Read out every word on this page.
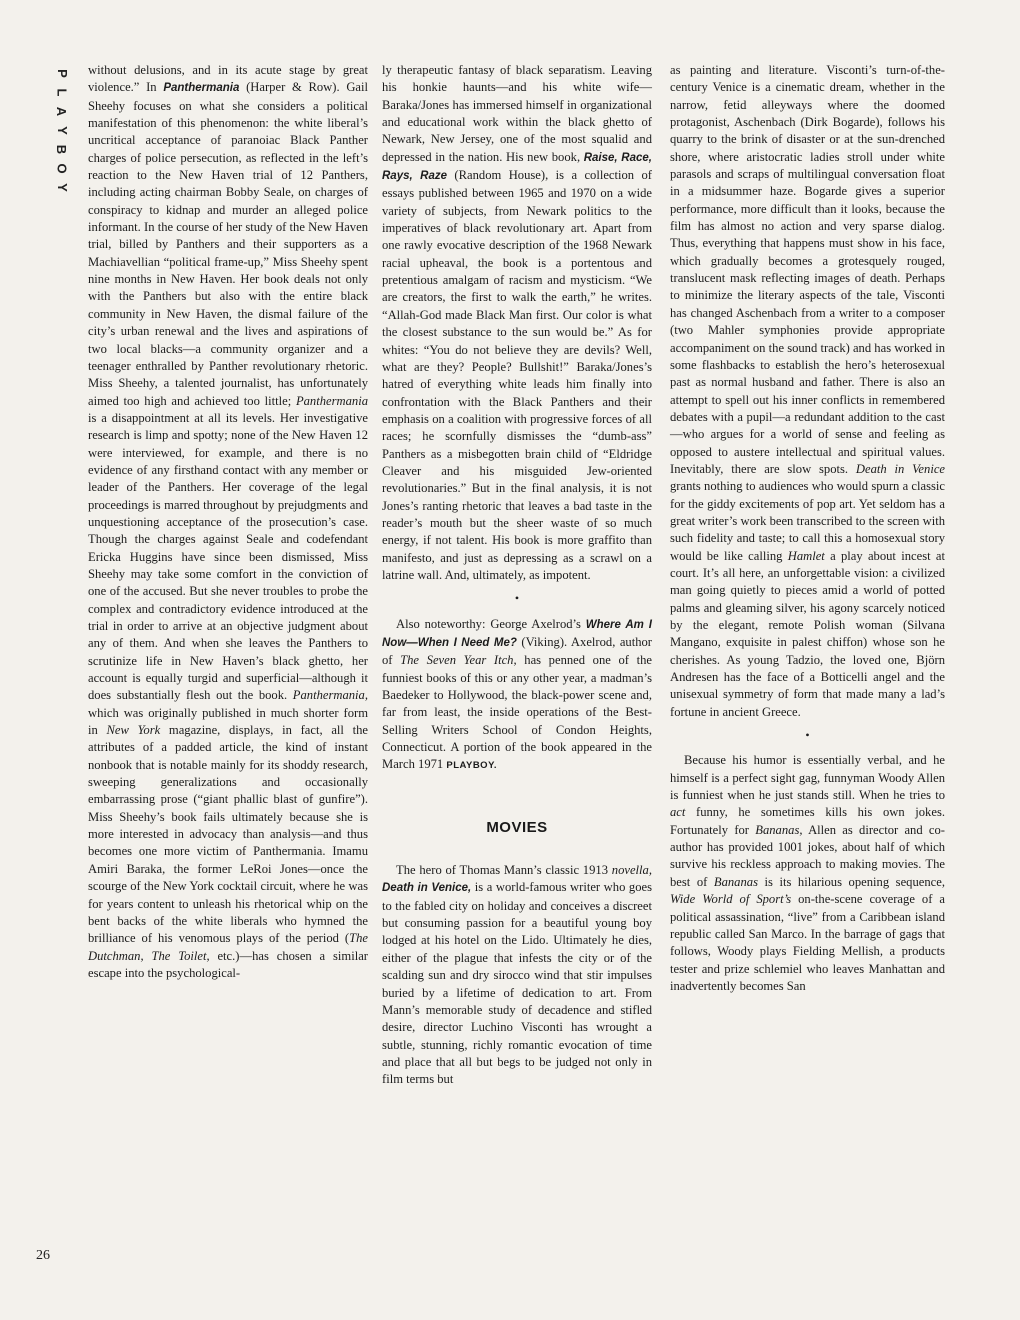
P
L
A
Y
B
O
Y
26

without delusions, and in its acute stage by great violence.” In Panthermania (Harper & Row). Gail Sheehy focuses on what she considers a political manifestation of this phenomenon: the white liberal’s uncritical acceptance of paranoiac Black Panther charges of police persecution, as reflected in the left’s reaction to the New Haven trial of 12 Panthers, including acting chairman Bobby Seale, on charges of conspiracy to kidnap and murder an alleged police informant. In the course of her study of the New Haven trial, billed by Panthers and their supporters as a Machiavellian “political frame-up,” Miss Sheehy spent nine months in New Haven. Her book deals not only with the Panthers but also with the entire black community in New Haven, the dismal failure of the city’s urban renewal and the lives and aspirations of two local blacks—a community organizer and a teenager enthralled by Panther revolutionary rhetoric. Miss Sheehy, a talented journalist, has unfortunately aimed too high and achieved too little; Panthermania is a disappointment at all its levels. Her investigative research is limp and spotty; none of the New Haven 12 were interviewed, for example, and there is no evidence of any firsthand contact with any member or leader of the Panthers. Her coverage of the legal proceedings is marred throughout by prejudgments and unquestioning acceptance of the prosecution’s case. Though the charges against Seale and codefendant Ericka Huggins have since been dismissed, Miss Sheehy may take some comfort in the conviction of one of the accused. But she never troubles to probe the complex and contradictory evidence introduced at the trial in order to arrive at an objective judgment about any of them. And when she leaves the Panthers to scrutinize life in New Haven’s black ghetto, her account is equally turgid and superficial—although it does substantially flesh out the book. Panthermania, which was originally published in much shorter form in New York magazine, displays, in fact, all the attributes of a padded article, the kind of instant nonbook that is notable mainly for its shoddy research, sweeping generalizations and occasionally embarrassing prose (“giant phallic blast of gunfire”). Miss Sheehy’s book fails ultimately because she is more interested in advocacy than analysis—and thus becomes one more victim of Panthermania. Imamu Amiri Baraka, the former LeRoi Jones—once the scourge of the New York cocktail circuit, where he was for years content to unleash his rhetorical whip on the bent backs of the white liberals who hymned the brilliance of his venomous plays of the period (The Dutchman, The Toilet, etc.)—has chosen a similar escape into the psychological-

ly therapeutic fantasy of black separatism. Leaving his honkie haunts—and his white wife—Baraka/Jones has immersed himself in organizational and educational work within the black ghetto of Newark, New Jersey, one of the most squalid and depressed in the nation. His new book, Raise, Race, Rays, Raze (Random House), is a collection of essays published between 1965 and 1970 on a wide variety of subjects, from Newark politics to the imperatives of black revolutionary art. Apart from one rawly evocative description of the 1968 Newark racial upheaval, the book is a portentous and pretentious amalgam of racism and mysticism. “We are creators, the first to walk the earth,” he writes. “Allah-God made Black Man first. Our color is what the closest substance to the sun would be.” As for whites: “You do not believe they are devils? Well, what are they? People? Bullshit!” Baraka/Jones’s hatred of everything white leads him finally into confrontation with the Black Panthers and their emphasis on a coalition with progressive forces of all races; he scornfully dismisses the “dumb-ass” Panthers as a misbegotten brain child of “Eldridge Cleaver and his misguided Jew-oriented revolutionaries.” But in the final analysis, it is not Jones’s ranting rhetoric that leaves a bad taste in the reader’s mouth but the sheer waste of so much energy, if not talent. His book is more graffito than manifesto, and just as depressing as a scrawl on a latrine wall. And, ultimately, as impotent.

•

Also noteworthy: George Axelrod’s Where Am I Now—When I Need Me? (Viking). Axelrod, author of The Seven Year Itch, has penned one of the funniest books of this or any other year, a madman’s Baedeker to Hollywood, the black-power scene and, far from least, the inside operations of the Best-Selling Writers School of Condon Heights, Connecticut. A portion of the book appeared in the March 1971 PLAYBOY.

MOVIES

The hero of Thomas Mann’s classic 1913 novella, Death in Venice, is a world-famous writer who goes to the fabled city on holiday and conceives a discreet but consuming passion for a beautiful young boy lodged at his hotel on the Lido. Ultimately he dies, either of the plague that infests the city or of the scalding sun and dry sirocco wind that stir impulses buried by a lifetime of dedication to art. From Mann’s memorable study of decadence and stifled desire, director Luchino Visconti has wrought a subtle, stunning, richly romantic evocation of time and place that all but begs to be judged not only in film terms but

as painting and literature. Visconti’s turn-of-the-century Venice is a cinematic dream, whether in the narrow, fetid alleyways where the doomed protagonist, Aschenbach (Dirk Bogarde), follows his quarry to the brink of disaster or at the sun-drenched shore, where aristocratic ladies stroll under white parasols and scraps of multilingual conversation float in a midsummer haze. Bogarde gives a superior performance, more difficult than it looks, because the film has almost no action and very sparse dialog. Thus, everything that happens must show in his face, which gradually becomes a grotesquely rouged, translucent mask reflecting images of death. Perhaps to minimize the literary aspects of the tale, Visconti has changed Aschenbach from a writer to a composer (two Mahler symphonies provide appropriate accompaniment on the sound track) and has worked in some flashbacks to establish the hero’s heterosexual past as normal husband and father. There is also an attempt to spell out his inner conflicts in remembered debates with a pupil—a redundant addition to the cast—who argues for a world of sense and feeling as opposed to austere intellectual and spiritual values. Inevitably, there are slow spots. Death in Venice grants nothing to audiences who would spurn a classic for the giddy excitements of pop art. Yet seldom has a great writer’s work been transcribed to the screen with such fidelity and taste; to call this a homosexual story would be like calling Hamlet a play about incest at court. It’s all here, an unforgettable vision: a civilized man going quietly to pieces amid a world of potted palms and gleaming silver, his agony scarcely noticed by the elegant, remote Polish woman (Silvana Mangano, exquisite in palest chiffon) whose son he cherishes. As young Tadzio, the loved one, Björn Andresen has the face of a Botticelli angel and the unisexual symmetry of form that made many a lad’s fortune in ancient Greece.

•

Because his humor is essentially verbal, and he himself is a perfect sight gag, funnyman Woody Allen is funniest when he just stands still. When he tries to act funny, he sometimes kills his own jokes. Fortunately for Bananas, Allen as director and co-author has provided 1001 jokes, about half of which survive his reckless approach to making movies. The best of Bananas is its hilarious opening sequence, Wide World of Sport’s on-the-scene coverage of a political assassination, “live” from a Caribbean island republic called San Marco. In the barrage of gags that follows, Woody plays Fielding Mellish, a products tester and prize schlemiel who leaves Manhattan and inadvertently becomes San
